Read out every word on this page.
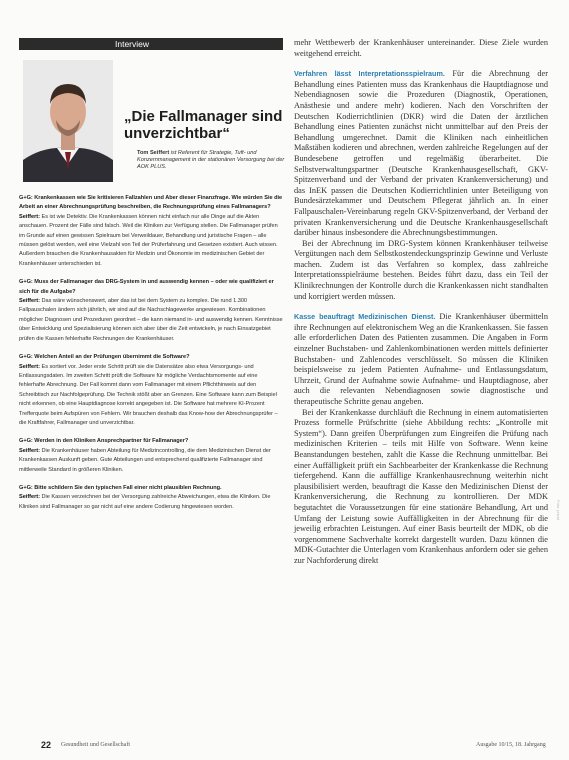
Interview
„Die Fallmanager sind unverzichtbar“
Tom Seiffert ist Referent für Strategie, Tuft- und Konzernmanagement in der stationären Versorgung bei der AOK PLUS.
G+G: Krankenkassen wie Sie kritisieren Fallzahlen und Aber dieser Finanzfrage. Wie würden Sie die Arbeit an einer Abrechnungsprüfung beschreiben, die Rechnungsprüfung eines Fallmanagers?
Seiffert: Es ist wie Detektiv. Die Krankenkassen können nicht einfach nur alle Dinge auf die Akten anschauen. Prozent der Fälle sind falsch. Weil die Kliniken zur Verfügung stellen. Die Fallmanager prüfen im Grunde auf einen gewissen Spielraum bei Verweildauer, Behandlung und juristische Fragen – alle müssen gelöst werden, weil eine Vielzahl von Teil der Prüferfahrung und Gesetzen existiert. Auch wissen. Außerdem brauchen die Krankenhausakten für Medizin und Ökonomie im medizinischen Gebiet der Krankenhäuser unterschieden ist.
G+G: Muss der Fallmanager das DRG-System in und auswendig kennen – oder wie qualifiziert er sich für die Aufgabe?
Seiffert: Das wäre wünschenswert, aber das ist bei dem System zu komplex. Die rund 1.300 Fallpauschalen ändern sich jährlich, wir sind auf die Nachschlagewerke angewiesen. Kombinationen möglicher Diagnosen und Prozeduren geordnet – die kann niemand in- und auswendig kennen. Kenntnisse über Entwicklung und Spezialisierung können sich aber über die Zeit entwickeln, je nach Einsatzgebiet prüfen die Kassen fehlerhafte Rechnungen der Krankenhäuser.
G+G: Welchen Anteil an der Prüfungen übernimmt die Software?
Seiffert: Es sortiert vor. Jeder erste Schritt prüft sie die Datensätze also etwa Versorgungs- und Entlassungsdaten. Im zweiten Schritt prüft die Software für mögliche Verdachtsmomente auf eine fehlerhafte Abrechnung. Der Fall kommt dann vom Fallmanager mit einem Pflichthinweis auf den Schreibtisch zur Nachfolgeprüfung. Die Technik stößt aber an Grenzen. Eine Software kann zum Beispiel nicht erkennen, ob eine Hauptdiagnose korrekt angegeben ist. Die Software hat mehrere KI-Prozent Trefferquote beim Aufspüren von Fehlern. Wir brauchen deshalb das Know-how der Abrechnungsprüfer – die Kraftfahrer, Fallmanager und unverzichtbar.
G+G: Werden in den Kliniken Ansprechpartner für Fallmanager?
Seiffert: Die Krankenhäuser haben Abteilung für Medizincontrolling, die dem Medizinischen Dienst der Krankenkassen Auskunft geben. Gute Abteilungen und entsprechend qualifizierte Fallmanager sind mittlerweile Standard in größeren Kliniken.
G+G: Bitte schildern Sie den typischen Fall einer nicht plausiblen Rechnung.
Seiffert: Die Kassen verzeichnen bei der Versorgung zahlreiche Abweichungen, etwa die Kliniken. Die Kliniken sind Fallmanager so gar nicht auf eine andere Codierung hingewiesen worden.

mehr Wettbewerb der Krankenhäuser untereinander. Diese Ziele wurden weitgehend erreicht.

Verfahren lässt Interpretationsspielraum. Für die Abrechnung der Behandlung eines Patienten muss das Krankenhaus die Hauptdiagnose und Nebendiagnosen sowie die Prozeduren (Diagnostik, Operationen, Anästhesie und andere mehr) kodieren. Nach den Vorschriften der Deutschen Kodierrichtlinien (DKR) wird die Daten der ärztlichen Behandlung eines Patienten zunächst nicht unmittelbar auf den Preis der Behandlung umgerechnet. Damit die Kliniken nach einheitlichen Maßstäben kodieren und abrechnen, werden zahlreiche Regelungen auf der Bundesebene getroffen und regelmäßig überarbeitet. Die Selbstverwaltungspartner (Deutsche Krankenhausgesellschaft, GKV-Spitzenverband und der Verband der privaten Krankenversicherung) und das InEK passen die Deutschen Kodierrichtlinien unter Beteiligung von Bundesärztekammer und Deutschem Pflegerat jährlich an. In einer Fallpauschalen-Vereinbarung regeln GKV-Spitzenverband, der Verband der privaten Krankenversicherung und die Deutsche Krankenhausgesellschaft darüber hinaus insbesondere die Abrechnungsbestimmungen.

Bei der Abrechnung im DRG-System können Krankenhäuser teilweise Vergütungen nach dem Selbstkostendeckungsprinzip Gewinne und Verluste machen. Zudem ist das Verfahren so komplex, dass zahlreiche Interpretationsspielräume bestehen. Beides führt dazu, dass ein Teil der Klinikrechnungen der Kontrolle durch die Krankenkassen nicht standhalten und korrigiert werden müssen.

Kasse beauftragt Medizinischen Dienst. Die Krankenhäuser übermitteln ihre Rechnungen auf elektronischem Weg an die Krankenkassen. Sie fassen alle erforderlichen Daten des Patienten zusammen. Die Angaben in Form einzelner Buchstaben- und Zahlenkombinationen werden mittels definierter Buchstaben- und Zahlencodes verschlüsselt. So müssen die Kliniken beispielsweise zu jedem Patienten Aufnahme- und Entlassungsdatum, Uhrzeit, Grund der Aufnahme sowie Aufnahme- und Hauptdiagnose, aber auch die relevanten Nebendiagnosen sowie diagnostische und therapeutische Schritte genau angeben.

Bei der Krankenkasse durchläuft die Rechnung in einem automatisierten Prozess formelle Prüfschritte (siehe Abbildung rechts: „Kontrolle mit System“). Dann greifen Überprüfungen zum Eingreifen die Prüfung nach medizinischen Kriterien – teils mit Hilfe von Software. Wenn keine Beanstandungen bestehen, zahlt die Kasse die Rechnung unmittelbar. Bei einer Auffälligkeit prüft ein Sachbearbeiter der Krankenkasse die Rechnung tiefergehend. Kann die auffällige Krankenhausrechnung weiterhin nicht plausibilisiert werden, beauftragt die Kasse den Medizinischen Dienst der Krankenversicherung, die Rechnung zu kontrollieren. Der MDK begutachtet die Voraussetzungen für eine stationäre Behandlung, Art und Umfang der Leistung sowie Auffälligkeiten in der Abrechnung für die jeweilig erbrachten Leistungen. Auf einer Basis beurteilt der MDK, ob die vorgenommene Sachverhalte korrekt dargestellt wurden. Dazu können die MDK-Gutachter die Unterlagen vom Krankenhaus anfordern oder sie gehen zur Nachforderung direkt

Foto: privat
22 Gesundheit und Gesellschaft	Ausgabe 10/15, 18. Jahrgang
